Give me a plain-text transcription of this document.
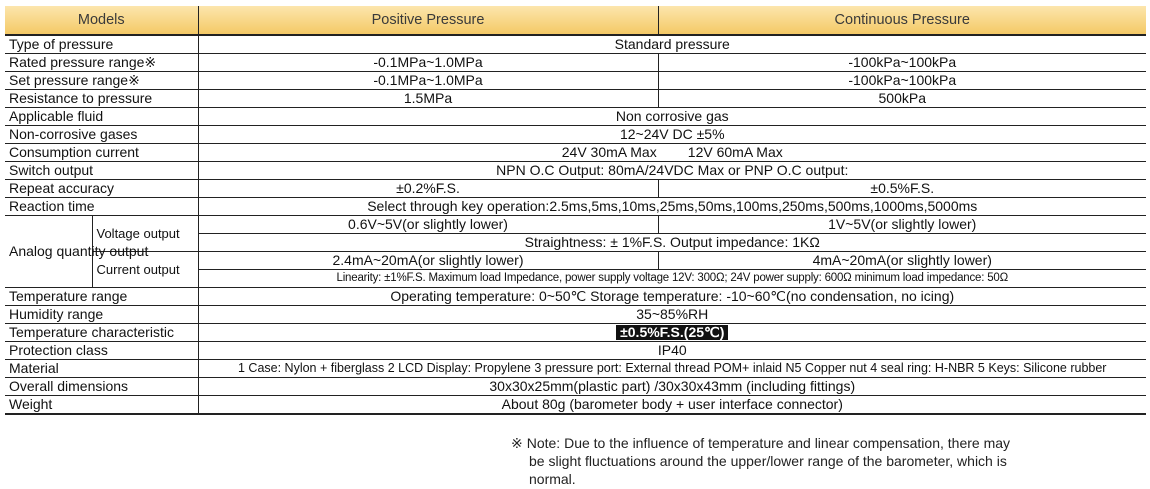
Models		Positive Pressure	Continuous Pressure
Type of pressure		Standard pressure	
Rated pressure range※		-0.1MPa~1.0MPa	-100kPa~100kPa
Set pressure range※		-0.1MPa~1.0MPa	-100kPa~100kPa
Resistance to pressure		1.5MPa	500kPa
Applicable fluid		Non corrosive gas	
Non-corrosive gases		12~24V DC ±5%	
Consumption current		24V 30mA Max        12V 60mA Max	
Switch output		NPN O.C Output: 80mA/24VDC Max or PNP O.C output:	
Repeat accuracy		±0.2%F.S.	±0.5%F.S.
Reaction time		Select through key operation:2.5ms,5ms,10ms,25ms,50ms,100ms,250ms,500ms,1000ms,5000ms	
Analog quantity output	Voltage output	0.6V~5V(or slightly lower)	1V~5V(or slightly lower)
		Straightness: ± 1%F.S. Output impedance: 1KΩ	
	Current output	2.4mA~20mA(or slightly lower)	4mA~20mA(or slightly lower)
		Linearity: ±1%F.S. Maximum load Impedance, power supply voltage 12V: 300Ω; 24V power supply: 600Ω minimum load impedance: 50Ω	
Temperature range		Operating temperature: 0~50℃ Storage temperature: -10~60℃(no condensation, no icing)	
Humidity range		35~85%RH	
Temperature characteristic		±0.5%F.S.(25℃)	
Protection class		IP40	
Material		1 Case: Nylon + fiberglass 2 LCD Display: Propylene 3 pressure port: External thread POM+ inlaid N5 Copper nut 4 seal ring: H-NBR 5 Keys: Silicone rubber	
Overall dimensions		30x30x25mm(plastic part) /30x30x43mm (including fittings)	
Weight		About 80g (barometer body + user interface connector)	
※ Note: Due to the influence of temperature and linear compensation, there may
be slight fluctuations around the upper/lower range of the barometer, which is
normal.
